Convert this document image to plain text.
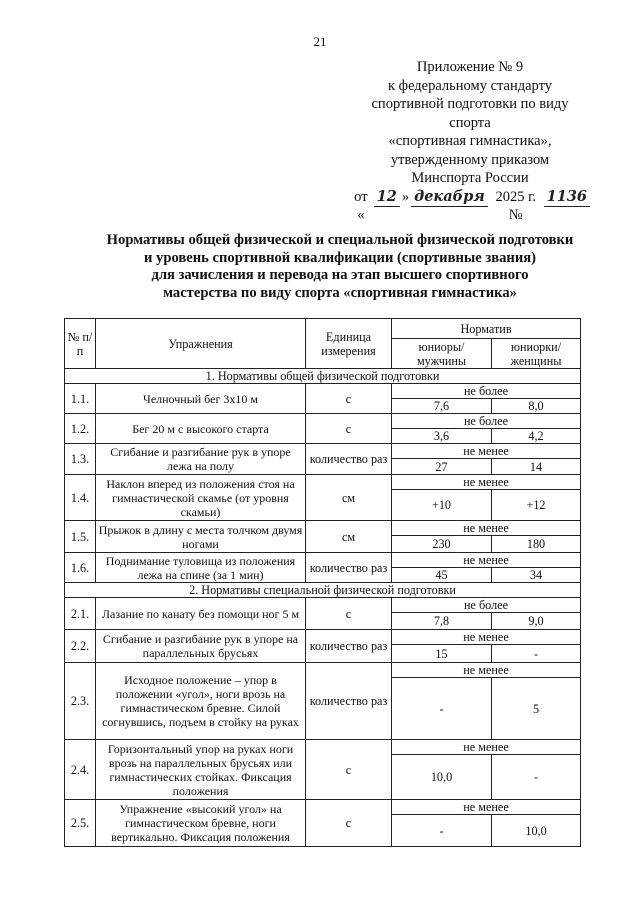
21
Приложение № 9
к федеральному стандарту
спортивной подготовки по виду спорта
«спортивная гимнастика»,
утвержденному приказом
Минспорта России
от «
12 » декабря 2025 г. №
1136
Нормативы общей физической и специальной физической подготовки
и уровень спортивной квалификации (спортивные звания)
для зачисления и перевода на этап высшего спортивного
мастерства по виду спорта «спортивная гимнастика»
№ п/п	Упражнения	Единица измерения	Норматив	
			юниоры/ мужчины	юниорки/ женщины
1. Нормативы общей физической подготовки				
1.1.	Челночный бег 3х10 м	с	не более	
			7,6	8,0
1.2.	Бег 20 м с высокого старта	с	не более	
			3,6	4,2
1.3.	Сгибание и разгибание рук в упоре лежа на полу	количество раз	не менее	
			27	14
1.4.	Наклон вперед из положения стоя на гимнастической скамье (от уровня скамьи)	см	не менее	
			+10	+12
1.5.	Прыжок в длину с места толчком двумя ногами	см	не менее	
			230	180
1.6.	Поднимание туловища из положения лежа на спине (за 1 мин)	количество раз	не менее	
			45	34
2. Нормативы специальной физической подготовки				
2.1.	Лазание по канату без помощи ног 5 м	с	не более	
			7,8	9,0
2.2.	Сгибание и разгибание рук в упоре на параллельных брусьях	количество раз	не менее	
			15	-
2.3.	Исходное положение – упор в положении «угол», ноги врозь на гимнастическом бревне. Силой согнувшись, подъем в стойку на руках	количество раз	не менее	
			-	5
2.4.	Горизонтальный упор на руках ноги врозь на параллельных брусьях или гимнастических стойках. Фиксация положения	с	не менее	
			10,0	-
2.5.	Упражнение «высокий угол» на гимнастическом бревне, ноги вертикально. Фиксация положения	с	не менее	
			-	10,0
